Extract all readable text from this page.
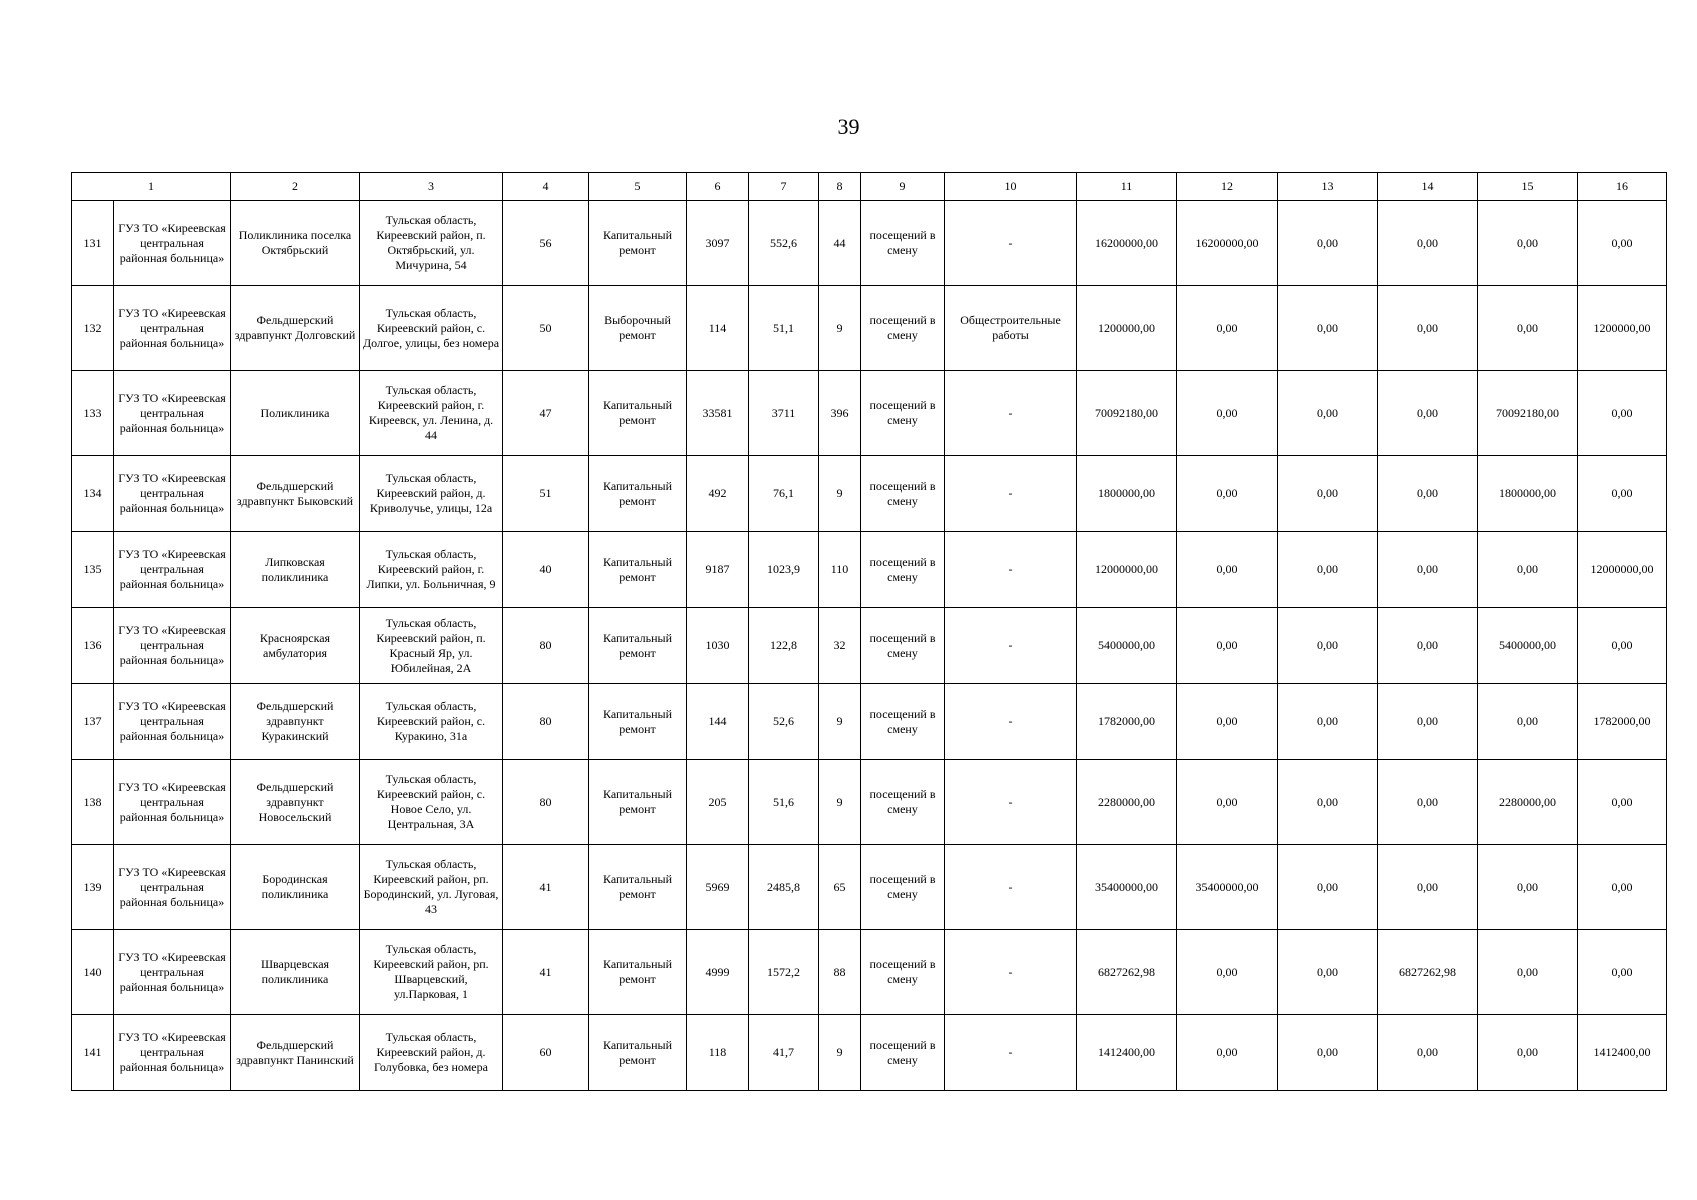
39
1		2	3	4	5	6	7	8	9	10	11	12	13	14	15	16
131	ГУЗ ТО «Киреевская центральная районная больница»	Поликлиника поселка Октябрьский	Тульская область, Киреевский район, п. Октябрьский, ул. Мичурина, 54	56	Капитальный ремонт	3097	552,6	44	посещений в смену	-	16200000,00	16200000,00	0,00	0,00	0,00	0,00
132	ГУЗ ТО «Киреевская центральная районная больница»	Фельдшерский здравпункт Долговский	Тульская область, Киреевский район, с. Долгое, улицы, без номера	50	Выборочный ремонт	114	51,1	9	посещений в смену	Общестроительные работы	1200000,00	0,00	0,00	0,00	0,00	1200000,00
133	ГУЗ ТО «Киреевская центральная районная больница»	Поликлиника	Тульская область, Киреевский район, г. Киреевск, ул. Ленина, д. 44	47	Капитальный ремонт	33581	3711	396	посещений в смену	-	70092180,00	0,00	0,00	0,00	70092180,00	0,00
134	ГУЗ ТО «Киреевская центральная районная больница»	Фельдшерский здравпункт Быковский	Тульская область, Киреевский район, д. Криволучье, улицы, 12а	51	Капитальный ремонт	492	76,1	9	посещений в смену	-	1800000,00	0,00	0,00	0,00	1800000,00	0,00
135	ГУЗ ТО «Киреевская центральная районная больница»	Липковская поликлиника	Тульская область, Киреевский район, г. Липки, ул. Больничная, 9	40	Капитальный ремонт	9187	1023,9	110	посещений в смену	-	12000000,00	0,00	0,00	0,00	0,00	12000000,00
136	ГУЗ ТО «Киреевская центральная районная больница»	Красноярская амбулатория	Тульская область, Киреевский район, п. Красный Яр, ул. Юбилейная, 2А	80	Капитальный ремонт	1030	122,8	32	посещений в смену	-	5400000,00	0,00	0,00	0,00	5400000,00	0,00
137	ГУЗ ТО «Киреевская центральная районная больница»	Фельдшерский здравпункт Куракинский	Тульская область, Киреевский район, с. Куракино, 31а	80	Капитальный ремонт	144	52,6	9	посещений в смену	-	1782000,00	0,00	0,00	0,00	0,00	1782000,00
138	ГУЗ ТО «Киреевская центральная районная больница»	Фельдшерский здравпункт Новосельский	Тульская область, Киреевский район, с. Новое Село, ул. Центральная, 3А	80	Капитальный ремонт	205	51,6	9	посещений в смену	-	2280000,00	0,00	0,00	0,00	2280000,00	0,00
139	ГУЗ ТО «Киреевская центральная районная больница»	Бородинская поликлиника	Тульская область, Киреевский район, рп. Бородинский, ул. Луговая, 43	41	Капитальный ремонт	5969	2485,8	65	посещений в смену	-	35400000,00	35400000,00	0,00	0,00	0,00	0,00
140	ГУЗ ТО «Киреевская центральная районная больница»	Шварцевская поликлиника	Тульская область, Киреевский район, рп. Шварцевский, ул.Парковая, 1	41	Капитальный ремонт	4999	1572,2	88	посещений в смену	-	6827262,98	0,00	0,00	6827262,98	0,00	0,00
141	ГУЗ ТО «Киреевская центральная районная больница»	Фельдшерский здравпункт Панинский	Тульская область, Киреевский район, д. Голубовка, без номера	60	Капитальный ремонт	118	41,7	9	посещений в смену	-	1412400,00	0,00	0,00	0,00	0,00	1412400,00
